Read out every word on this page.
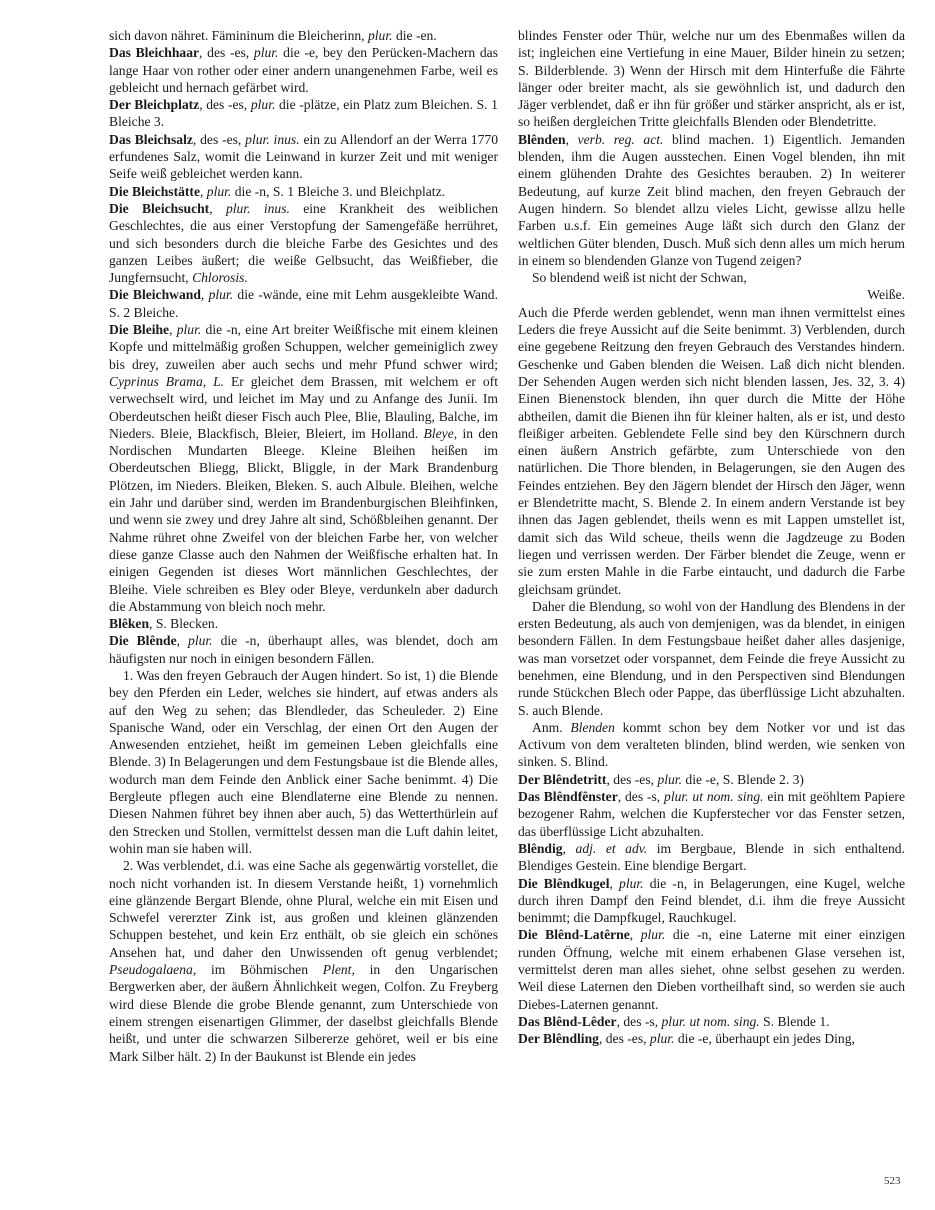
sich davon nähret. Fämininum die Bleicherinn, plur. die -en.

Das Bleichhaar, des -es, plur. die -e, bey den Perücken-Machern das lange Haar von rother oder einer andern unangenehmen Farbe, weil es gebleicht und hernach gefärbet wird.

Der Bleichplatz, des -es, plur. die -plätze, ein Platz zum Bleichen. S. 1 Bleiche 3.

Das Bleichsalz, des -es, plur. inus. ein zu Allendorf an der Werra 1770 erfundenes Salz, womit die Leinwand in kurzer Zeit und mit weniger Seife weiß gebleichet werden kann.

Die Bleichstätte, plur. die -n, S. 1 Bleiche 3. und Bleichplatz.

Die Bleichsucht, plur. inus. eine Krankheit des weiblichen Geschlechtes, die aus einer Verstopfung der Samengefäße herrühret, und sich besonders durch die bleiche Farbe des Gesichtes und des ganzen Leibes äußert; die weiße Gelbsucht, das Weißfieber, die Jungfernsucht, Chlorosis.

Die Bleichwand, plur. die -wände, eine mit Lehm ausgekleibte Wand. S. 2 Bleiche.

Die Bleihe, plur. die -n, eine Art breiter Weißfische mit einem kleinen Kopfe und mittelmäßig großen Schuppen, welcher gemeiniglich zwey bis drey, zuweilen aber auch sechs und mehr Pfund schwer wird; Cyprinus Brama, L. Er gleichet dem Brassen, mit welchem er oft verwechselt wird, und leichet im May und zu Anfange des Junii. Im Oberdeutschen heißt dieser Fisch auch Plee, Blie, Blauling, Balche, im Nieders. Bleie, Blackfisch, Bleier, Bleiert, im Holland. Bleye, in den Nordischen Mundarten Bleege. Kleine Bleihen heißen im Oberdeutschen Bliegg, Blickt, Bliggle, in der Mark Brandenburg Plötzen, im Nieders. Bleiken, Bleken. S. auch Albule. Bleihen, welche ein Jahr und darüber sind, werden im Brandenburgischen Bleihfinken, und wenn sie zwey und drey Jahre alt sind, Schößbleihen genannt. Der Nahme rühret ohne Zweifel von der bleichen Farbe her, von welcher diese ganze Classe auch den Nahmen der Weißfische erhalten hat. In einigen Gegenden ist dieses Wort männlichen Geschlechtes, der Bleihe. Viele schreiben es Bley oder Bleye, verdunkeln aber dadurch die Abstammung von bleich noch mehr.

Blêken, S. Blecken.

Die Blênde, plur. die -n, überhaupt alles, was blendet, doch am häufigsten nur noch in einigen besondern Fällen.

1. Was den freyen Gebrauch der Augen hindert. So ist, 1) die Blende bey den Pferden ein Leder, welches sie hindert, auf etwas anders als auf den Weg zu sehen; das Blendleder, das Scheuleder. 2) Eine Spanische Wand, oder ein Verschlag, der einen Ort den Augen der Anwesenden entziehet, heißt im gemeinen Leben gleichfalls eine Blende. 3) In Belagerungen und dem Festungsbaue ist die Blende alles, wodurch man dem Feinde den Anblick einer Sache benimmt. 4) Die Bergleute pflegen auch eine Blendlaterne eine Blende zu nennen. Diesen Nahmen führet bey ihnen aber auch, 5) das Wetterthürlein auf den Strecken und Stollen, vermittelst dessen man die Luft dahin leitet, wohin man sie haben will.

2. Was verblendet, d.i. was eine Sache als gegenwärtig vorstellet, die noch nicht vorhanden ist. In diesem Verstande heißt, 1) vornehmlich eine glänzende Bergart Blende, ohne Plural, welche ein mit Eisen und Schwefel vererzter Zink ist, aus großen und kleinen glänzenden Schuppen bestehet, und kein Erz enthält, ob sie gleich ein schönes Ansehen hat, und daher den Unwissenden oft genug verblendet; Pseudogalaena, im Böhmischen Plent, in den Ungarischen Bergwerken aber, der äußern Ähnlichkeit wegen, Colfon. Zu Freyberg wird diese Blende die grobe Blende genannt, zum Unterschiede von einem strengen eisenartigen Glimmer, der daselbst gleichfalls Blende heißt, und unter die schwarzen Silbererze gehöret, weil er bis eine Mark Silber hält. 2) In der Baukunst ist Blende ein jedes

blindes Fenster oder Thür, welche nur um des Ebenmaßes willen da ist; ingleichen eine Vertiefung in eine Mauer, Bilder hinein zu setzen; S. Bilderblende. 3) Wenn der Hirsch mit dem Hinterfuße die Fährte länger oder breiter macht, als sie gewöhnlich ist, und dadurch den Jäger verblendet, daß er ihn für größer und stärker anspricht, als er ist, so heißen dergleichen Tritte gleichfalls Blenden oder Blendetritte.

Blênden, verb. reg. act. blind machen. 1) Eigentlich. Jemanden blenden, ihm die Augen ausstechen. Einen Vogel blenden, ihn mit einem glühenden Drahte des Gesichtes berauben. 2) In weiterer Bedeutung, auf kurze Zeit blind machen, den freyen Gebrauch der Augen hindern. So blendet allzu vieles Licht, gewisse allzu helle Farben u.s.f. Ein gemeines Auge läßt sich durch den Glanz der weltlichen Güter blenden, Dusch. Muß sich denn alles um mich herum in einem so blendenden Glanze von Tugend zeigen?

So blendend weiß ist nicht der Schwan,

Weiße.

Auch die Pferde werden geblendet, wenn man ihnen vermittelst eines Leders die freye Aussicht auf die Seite benimmt. 3) Verblenden, durch eine gegebene Reitzung den freyen Gebrauch des Verstandes hindern. Geschenke und Gaben blenden die Weisen. Laß dich nicht blenden. Der Sehenden Augen werden sich nicht blenden lassen, Jes. 32, 3. 4) Einen Bienenstock blenden, ihn quer durch die Mitte der Höhe abtheilen, damit die Bienen ihn für kleiner halten, als er ist, und desto fleißiger arbeiten. Geblendete Felle sind bey den Kürschnern durch einen äußern Anstrich gefärbte, zum Unterschiede von den natürlichen. Die Thore blenden, in Belagerungen, sie den Augen des Feindes entziehen. Bey den Jägern blendet der Hirsch den Jäger, wenn er Blendetritte macht, S. Blende 2. In einem andern Verstande ist bey ihnen das Jagen geblendet, theils wenn es mit Lappen umstellet ist, damit sich das Wild scheue, theils wenn die Jagdzeuge zu Boden liegen und verrissen werden. Der Färber blendet die Zeuge, wenn er sie zum ersten Mahle in die Farbe eintaucht, und dadurch die Farbe gleichsam gründet.

Daher die Blendung, so wohl von der Handlung des Blendens in der ersten Bedeutung, als auch von demjenigen, was da blendet, in einigen besondern Fällen. In dem Festungsbaue heißet daher alles dasjenige, was man vorsetzet oder vorspannet, dem Feinde die freye Aussicht zu benehmen, eine Blendung, und in den Perspectiven sind Blendungen runde Stückchen Blech oder Pappe, das überflüssige Licht abzuhalten. S. auch Blende.

Anm. Blenden kommt schon bey dem Notker vor und ist das Activum von dem veralteten blinden, blind werden, wie senken von sinken. S. Blind.

Der Blêndetritt, des -es, plur. die -e, S. Blende 2. 3)

Das Blêndfênster, des -s, plur. ut nom. sing. ein mit geöhltem Papiere bezogener Rahm, welchen die Kupferstecher vor das Fenster setzen, das überflüssige Licht abzuhalten.

Blêndig, adj. et adv. im Bergbaue, Blende in sich enthaltend. Blendiges Gestein. Eine blendige Bergart.

Die Blêndkugel, plur. die -n, in Belagerungen, eine Kugel, welche durch ihren Dampf den Feind blendet, d.i. ihm die freye Aussicht benimmt; die Dampfkugel, Rauchkugel.

Die Blênd-Latêrne, plur. die -n, eine Laterne mit einer einzigen runden Öffnung, welche mit einem erhabenen Glase versehen ist, vermittelst deren man alles siehet, ohne selbst gesehen zu werden. Weil diese Laternen den Dieben vortheilhaft sind, so werden sie auch Diebes-Laternen genannt.

Das Blênd-Lêder, des -s, plur. ut nom. sing. S. Blende 1.

Der Blêndling, des -es, plur. die -e, überhaupt ein jedes Ding,

523
